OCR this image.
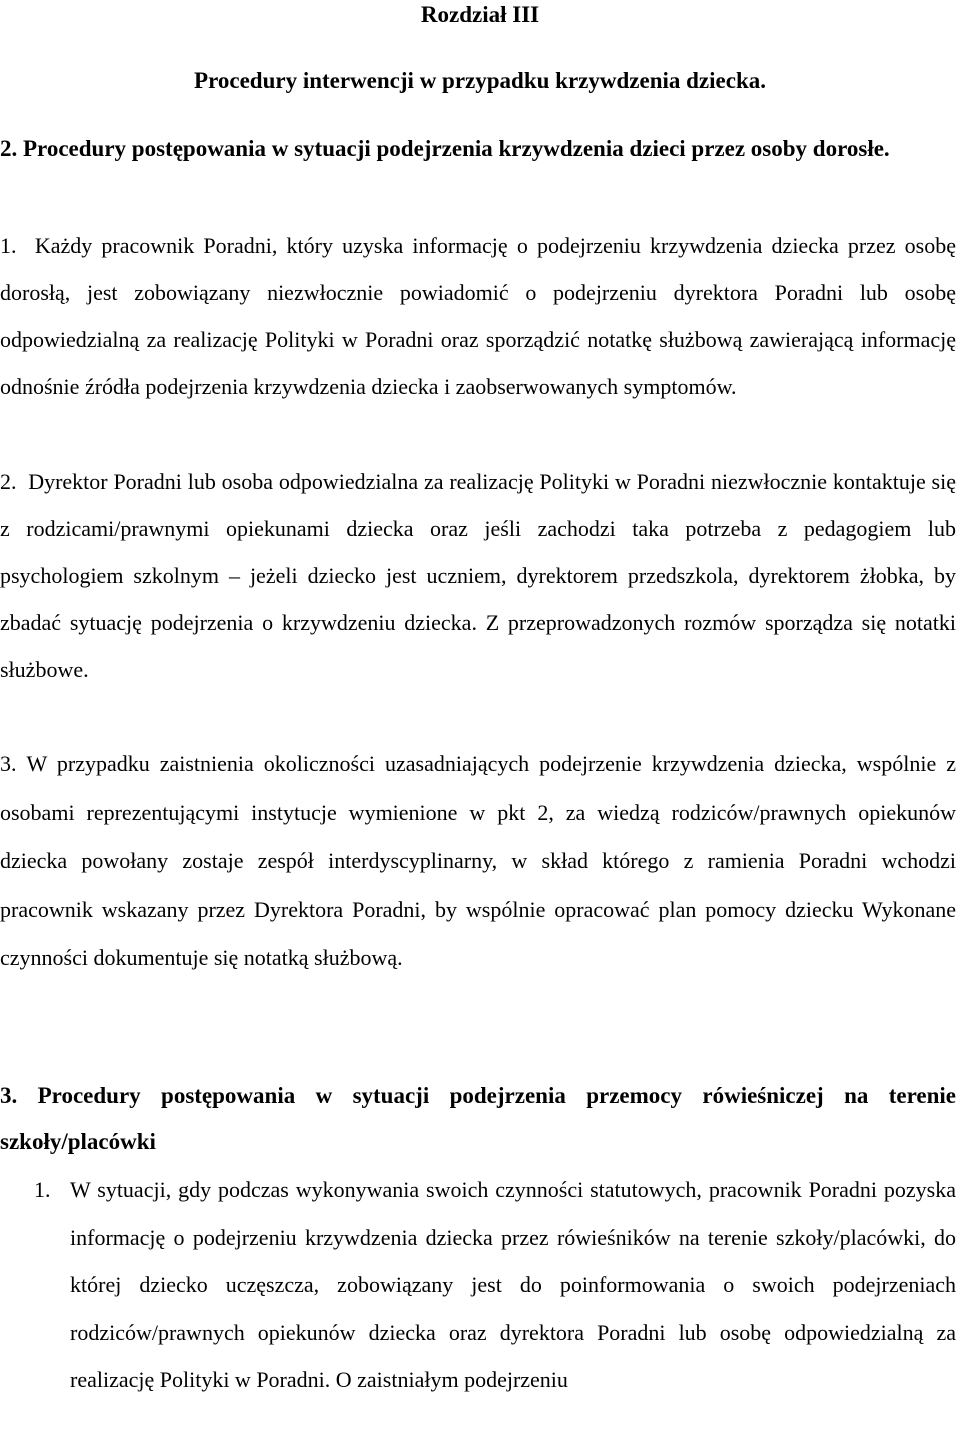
Rozdział III
Procedury interwencji w przypadku krzywdzenia dziecka.
2. Procedury postępowania w sytuacji podejrzenia krzywdzenia dzieci przez osoby dorosłe.
1. Każdy pracownik Poradni, który uzyska informację o podejrzeniu krzywdzenia dziecka przez osobę dorosłą, jest zobowiązany niezwłocznie powiadomić o podejrzeniu dyrektora Poradni lub osobę odpowiedzialną za realizację Polityki w Poradni oraz sporządzić notatkę służbową zawierającą informację odnośnie źródła podejrzenia krzywdzenia dziecka i zaobserwowanych symptomów.
2. Dyrektor Poradni lub osoba odpowiedzialna za realizację Polityki w Poradni niezwłocznie kontaktuje się z rodzicami/prawnymi opiekunami dziecka oraz jeśli zachodzi taka potrzeba z pedagogiem lub psychologiem szkolnym – jeżeli dziecko jest uczniem, dyrektorem przedszkola, dyrektorem żłobka, by zbadać sytuację podejrzenia o krzywdzeniu dziecka. Z przeprowadzonych rozmów sporządza się notatki służbowe.
3. W przypadku zaistnienia okoliczności uzasadniających podejrzenie krzywdzenia dziecka, wspólnie z osobami reprezentującymi instytucje wymienione w pkt 2, za wiedzą rodziców/prawnych opiekunów dziecka powołany zostaje zespół interdyscyplinarny, w skład którego z ramienia Poradni wchodzi pracownik wskazany przez Dyrektora Poradni, by wspólnie opracować plan pomocy dziecku Wykonane czynności dokumentuje się notatką służbową.
3. Procedury postępowania w sytuacji podejrzenia przemocy rówieśniczej na terenie szkoły/placówki
1. W sytuacji, gdy podczas wykonywania swoich czynności statutowych, pracownik Poradni pozyska informację o podejrzeniu krzywdzenia dziecka przez rówieśników na terenie szkoły/placówki, do której dziecko uczęszcza, zobowiązany jest do poinformowania o swoich podejrzeniach rodziców/prawnych opiekunów dziecka oraz dyrektora Poradni lub osobę odpowiedzialną za realizację Polityki w Poradni. O zaistniałym podejrzeniu
